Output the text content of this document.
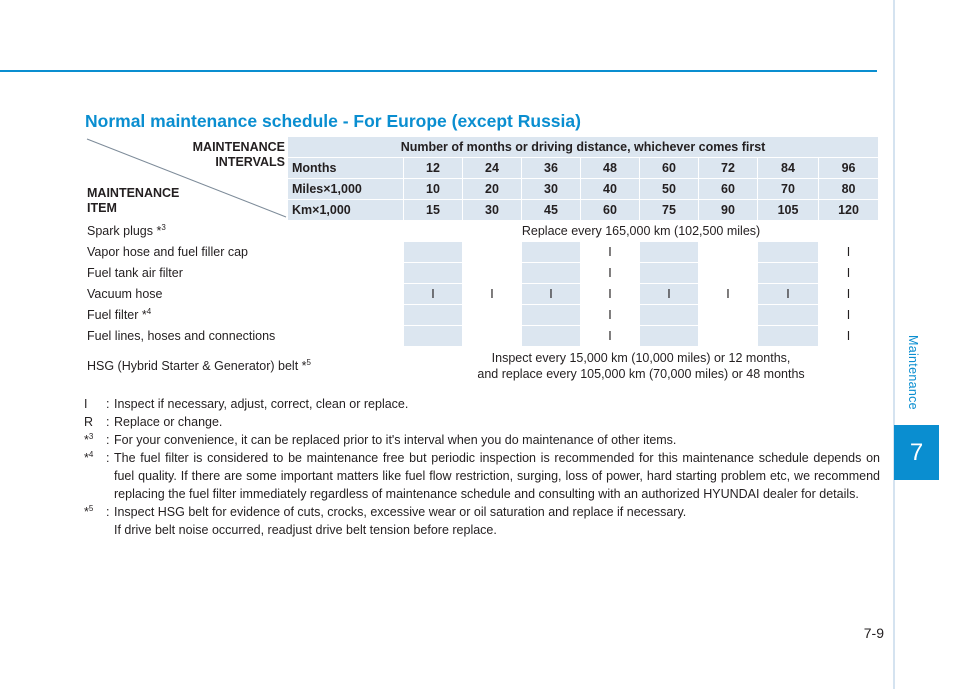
Maintenance
7
7-9
Normal maintenance schedule - For Europe (except Russia)
MAINTENANCE
INTERVALS
MAINTENANCE
ITEM	Number of months or driving distance, whichever comes first								
	Months	12	24	36	48	60	72	84	96
	Miles×1,000	10	20	30	40	50	60	70	80
	Km×1,000	15	30	45	60	75	90	105	120
Spark plugs *$^3$		Replace every 165,000 km (102,500 miles)							
Vapor hose and fuel filler cap					I				I
Fuel tank air filter					I				I
Vacuum hose		I	I	I	I	I	I	I	I
Fuel filter *$^4$					I				I
Fuel lines, hoses and connections					I				I
HSG (Hybrid Starter & Generator) belt *$^5$		Inspect every 15,000 km (10,000 miles) or 12 months,
and replace every 105,000 km (70,000 miles) or 48 months							
I	: Inspect if necessary, adjust, correct, clean or replace.
R	: Replace or change.
*$^3$	: For your convenience, it can be replaced prior to it's interval when you do maintenance of other items.
*$^4$	: The fuel filter is considered to be maintenance free but periodic inspection is recommended for this maintenance schedule depends on fuel quality. If there are some important matters like fuel flow restriction, surging, loss of power, hard starting problem etc, we recommend replacing the fuel filter immediately regardless of maintenance schedule and consulting with an authorized HYUNDAI dealer for details.
*$^5$	: Inspect HSG belt for evidence of cuts, crocks, excessive wear or oil saturation and replace if necessary.
If drive belt noise occurred, readjust drive belt tension before replace.
